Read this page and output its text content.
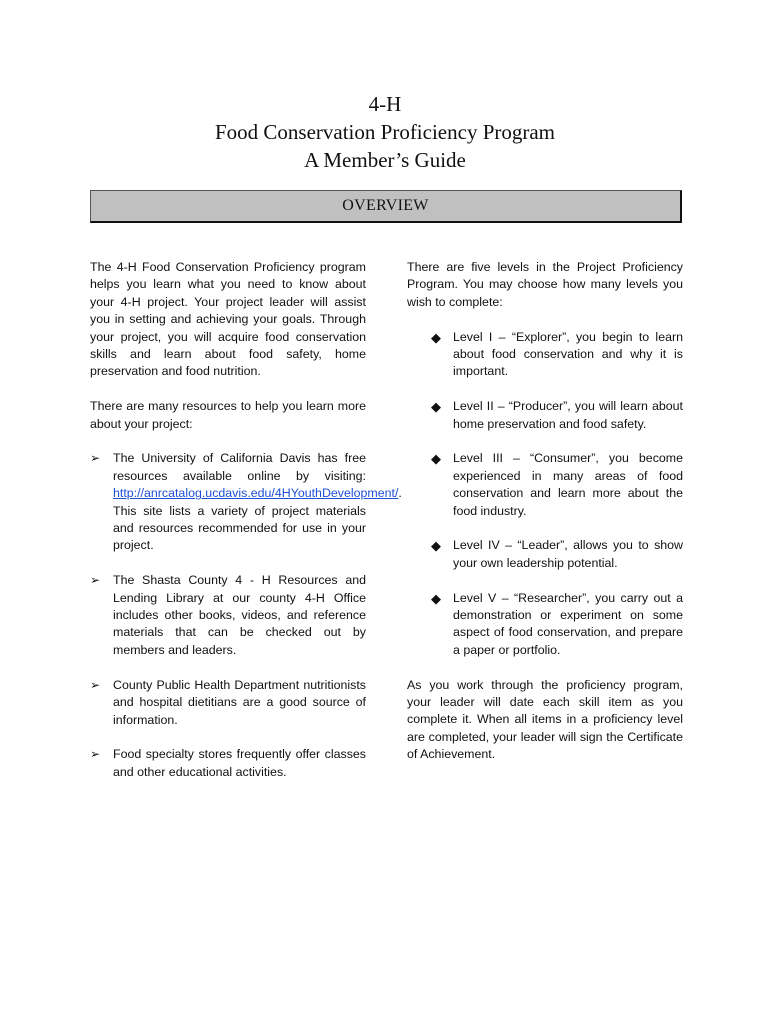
4-H
Food Conservation Proficiency Program
A Member’s Guide
OVERVIEW

The 4-H Food Conservation Proficiency program helps you learn what you need to know about your 4-H project. Your project leader will assist you in setting and achieving your goals. Through your project, you will acquire food conservation skills and learn about food safety, home preservation and food nutrition.

There are many resources to help you learn more about your project:

➢ The University of California Davis has free resources available online by visiting: http://anrcatalog.ucdavis.edu/4HYouthDevelopment/. This site lists a variety of project materials and resources recommended for use in your project.
➢ The Shasta County 4 - H Resources and Lending Library at our county 4-H Office includes other books, videos, and reference materials that can be checked out by members and leaders.
➢ County Public Health Department nutritionists and hospital dietitians are a good source of information.
➢ Food specialty stores frequently offer classes and other educational activities.

There are five levels in the Project Proficiency Program. You may choose how many levels you wish to complete:

◆ Level I – “Explorer”, you begin to learn about food conservation and why it is important.
◆ Level II – “Producer”, you will learn about home preservation and food safety.
◆ Level III – “Consumer”, you become experienced in many areas of food conservation and learn more about the food industry.
◆ Level IV – “Leader”, allows you to show your own leadership potential.
◆ Level V – “Researcher”, you carry out a demonstration or experiment on some aspect of food conservation, and prepare a paper or portfolio.

As you work through the proficiency program, your leader will date each skill item as you complete it. When all items in a proficiency level are completed, your leader will sign the Certificate of Achievement.
